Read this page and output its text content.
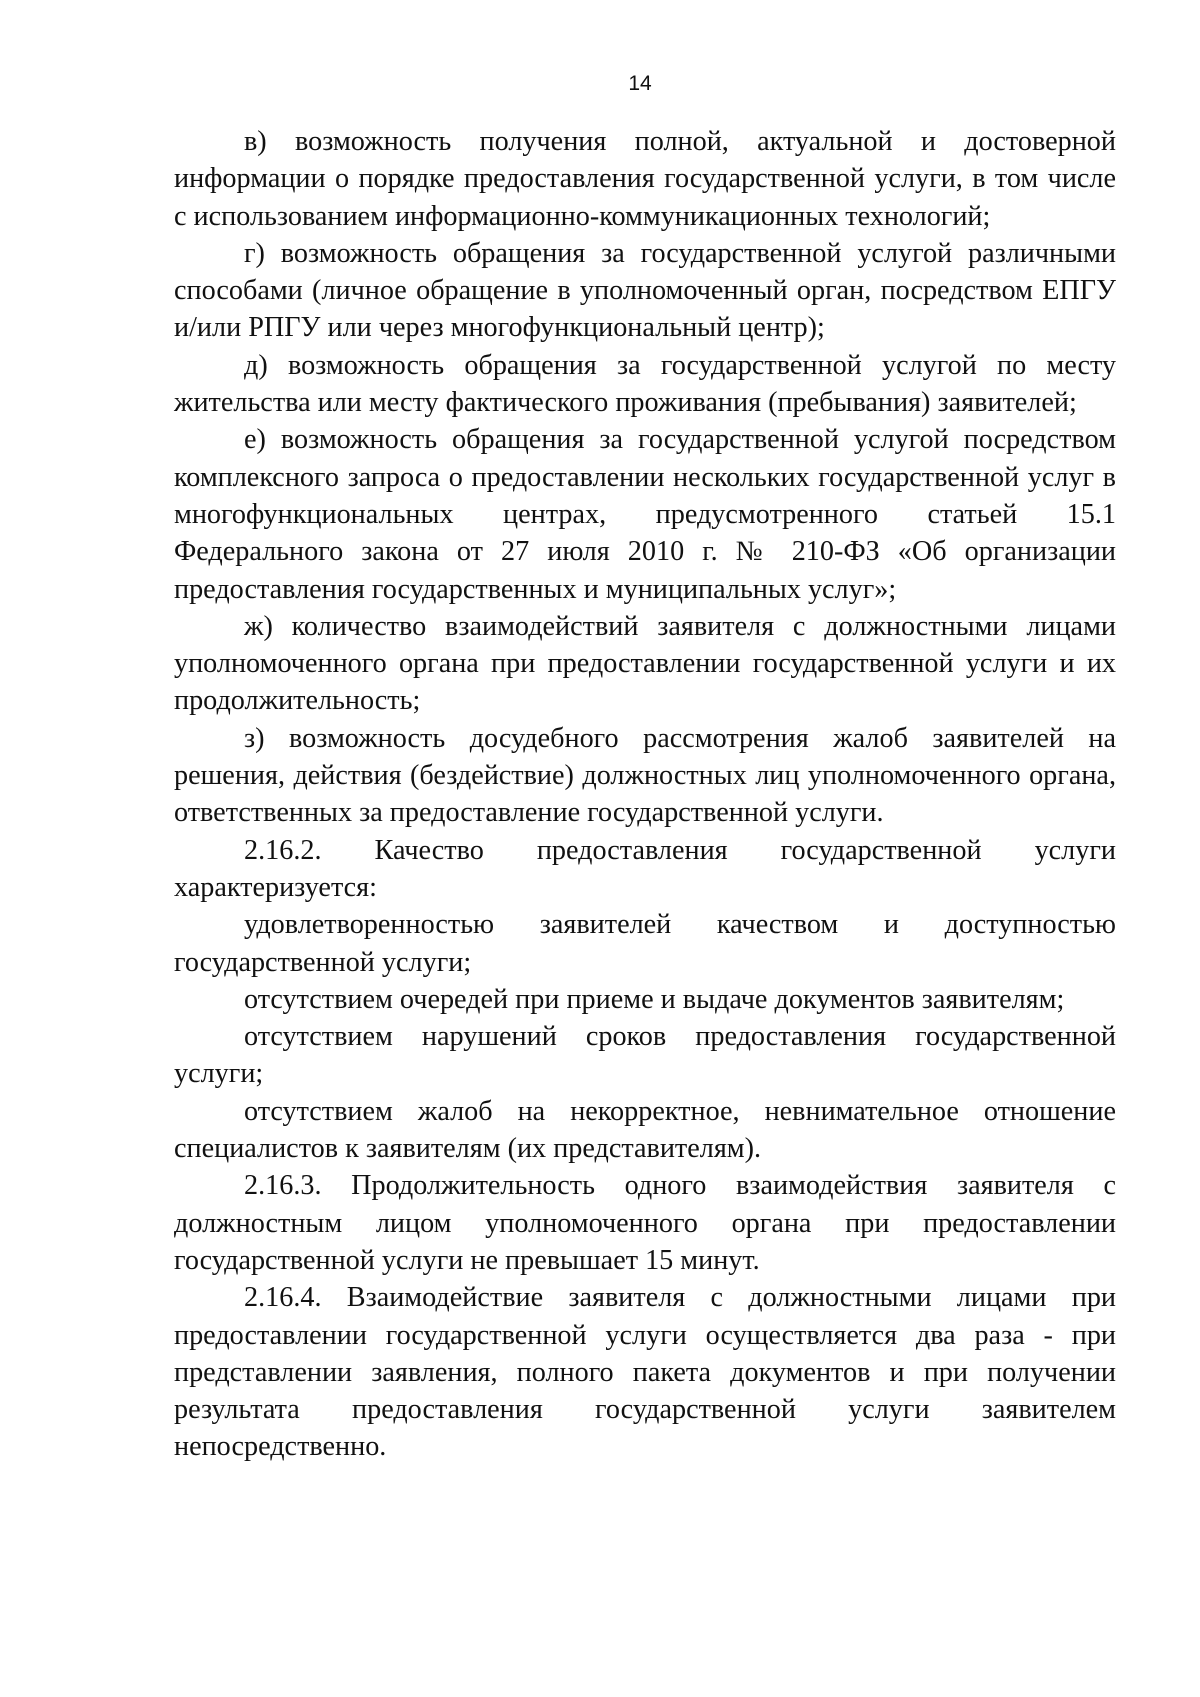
14

в) возможность получения полной, актуальной и достоверной информации о порядке предоставления государственной услуги, в том числе с использованием информационно-коммуникационных технологий;

г) возможность обращения за государственной услугой различными способами (личное обращение в уполномоченный орган, посредством ЕПГУ и/или РПГУ или через многофункциональный центр);

д) возможность обращения за государственной услугой по месту жительства или месту фактического проживания (пребывания) заявителей;

е) возможность обращения за государственной услугой посредством комплексного запроса о предоставлении нескольких государственной услуг в многофункциональных центрах, предусмотренного статьей 15.1 Федерального закона от 27 июля 2010 г. № 210-ФЗ «Об организации предоставления государственных и муниципальных услуг»;

ж) количество взаимодействий заявителя с должностными лицами уполномоченного органа при предоставлении государственной услуги и их продолжительность;

з) возможность досудебного рассмотрения жалоб заявителей на решения, действия (бездействие) должностных лиц уполномоченного органа, ответственных за предоставление государственной услуги.

2.16.2. Качество предоставления государственной услуги характеризуется:

удовлетворенностью заявителей качеством и доступностью государственной услуги;

отсутствием очередей при приеме и выдаче документов заявителям;

отсутствием нарушений сроков предоставления государственной услуги;

отсутствием жалоб на некорректное, невнимательное отношение специалистов к заявителям (их представителям).

2.16.3. Продолжительность одного взаимодействия заявителя с должностным лицом уполномоченного органа при предоставлении государственной услуги не превышает 15 минут.

2.16.4. Взаимодействие заявителя с должностными лицами при предоставлении государственной услуги осуществляется два раза - при представлении заявления, полного пакета документов и при получении результата предоставления государственной услуги заявителем непосредственно.
